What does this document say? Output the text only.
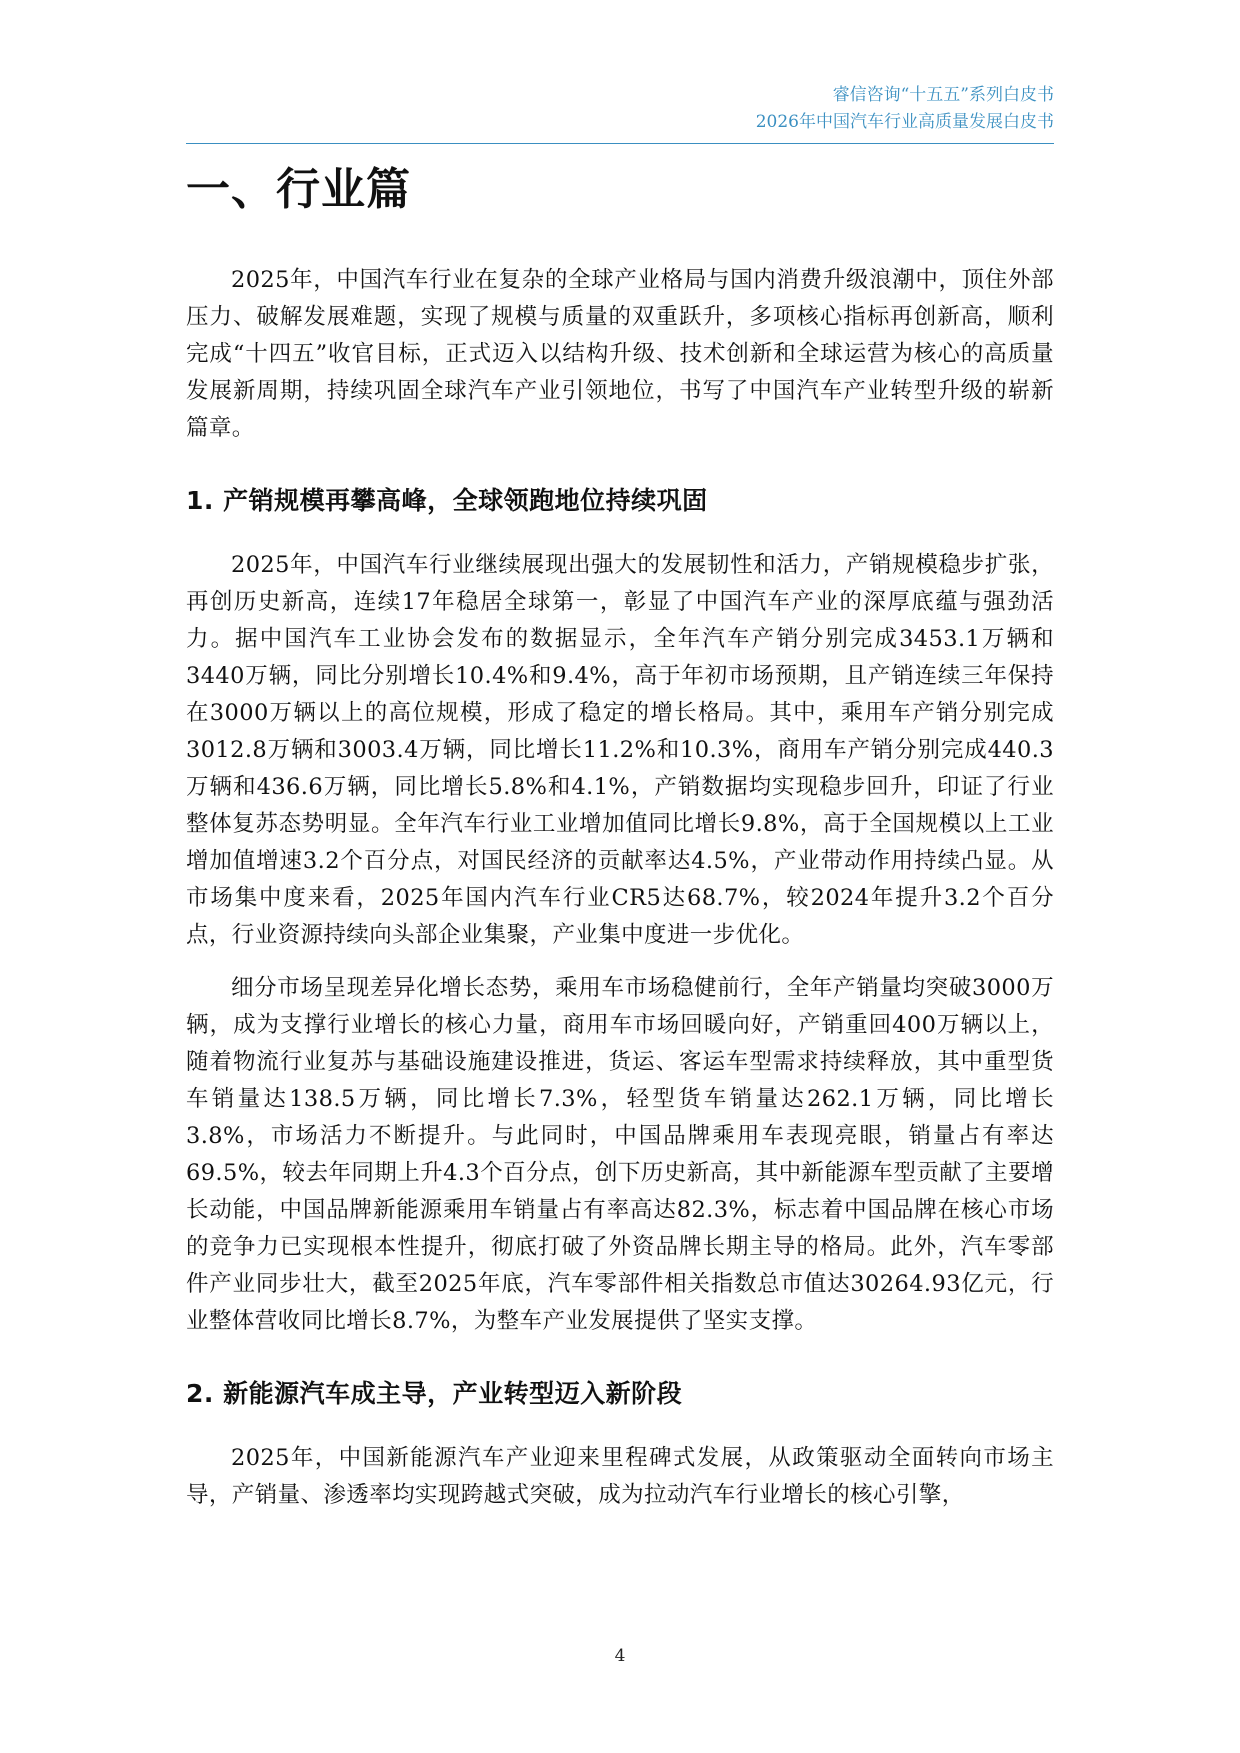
睿信咨询“十五五”系列白皮书
2026年中国汽车行业高质量发展白皮书
一、行业篇

2025年，中国汽车行业在复杂的全球产业格局与国内消费升级浪潮中，顶住外部压力、破解发展难题，实现了规模与质量的双重跃升，多项核心指标再创新高，顺利完成“十四五”收官目标，正式迈入以结构升级、技术创新和全球运营为核心的高质量发展新周期，持续巩固全球汽车产业引领地位，书写了中国汽车产业转型升级的崭新篇章。

1. 产销规模再攀高峰，全球领跑地位持续巩固

2025年，中国汽车行业继续展现出强大的发展韧性和活力，产销规模稳步扩张，再创历史新高，连续17年稳居全球第一，彰显了中国汽车产业的深厚底蕴与强劲活力。据中国汽车工业协会发布的数据显示，全年汽车产销分别完成3453.1万辆和3440万辆，同比分别增长10.4%和9.4%，高于年初市场预期，且产销连续三年保持在3000万辆以上的高位规模，形成了稳定的增长格局。其中，乘用车产销分别完成3012.8万辆和3003.4万辆，同比增长11.2%和10.3%，商用车产销分别完成440.3万辆和436.6万辆，同比增长5.8%和4.1%，产销数据均实现稳步回升，印证了行业整体复苏态势明显。全年汽车行业工业增加值同比增长9.8%，高于全国规模以上工业增加值增速3.2个百分点，对国民经济的贡献率达4.5%，产业带动作用持续凸显。从市场集中度来看，2025年国内汽车行业CR5达68.7%，较2024年提升3.2个百分点，行业资源持续向头部企业集聚，产业集中度进一步优化。

细分市场呈现差异化增长态势，乘用车市场稳健前行，全年产销量均突破3000万辆，成为支撑行业增长的核心力量，商用车市场回暖向好，产销重回400万辆以上，随着物流行业复苏与基础设施建设推进，货运、客运车型需求持续释放，其中重型货车销量达138.5万辆，同比增长7.3%，轻型货车销量达262.1万辆，同比增长3.8%，市场活力不断提升。与此同时，中国品牌乘用车表现亮眼，销量占有率达69.5%，较去年同期上升4.3个百分点，创下历史新高，其中新能源车型贡献了主要增长动能，中国品牌新能源乘用车销量占有率高达82.3%，标志着中国品牌在核心市场的竞争力已实现根本性提升，彻底打破了外资品牌长期主导的格局。此外，汽车零部件产业同步壮大，截至2025年底，汽车零部件相关指数总市值达30264.93亿元，行业整体营收同比增长8.7%，为整车产业发展提供了坚实支撑。

2. 新能源汽车成主导，产业转型迈入新阶段

2025年，中国新能源汽车产业迎来里程碑式发展，从政策驱动全面转向市场主导，产销量、渗透率均实现跨越式突破，成为拉动汽车行业增长的核心引擎，

4
